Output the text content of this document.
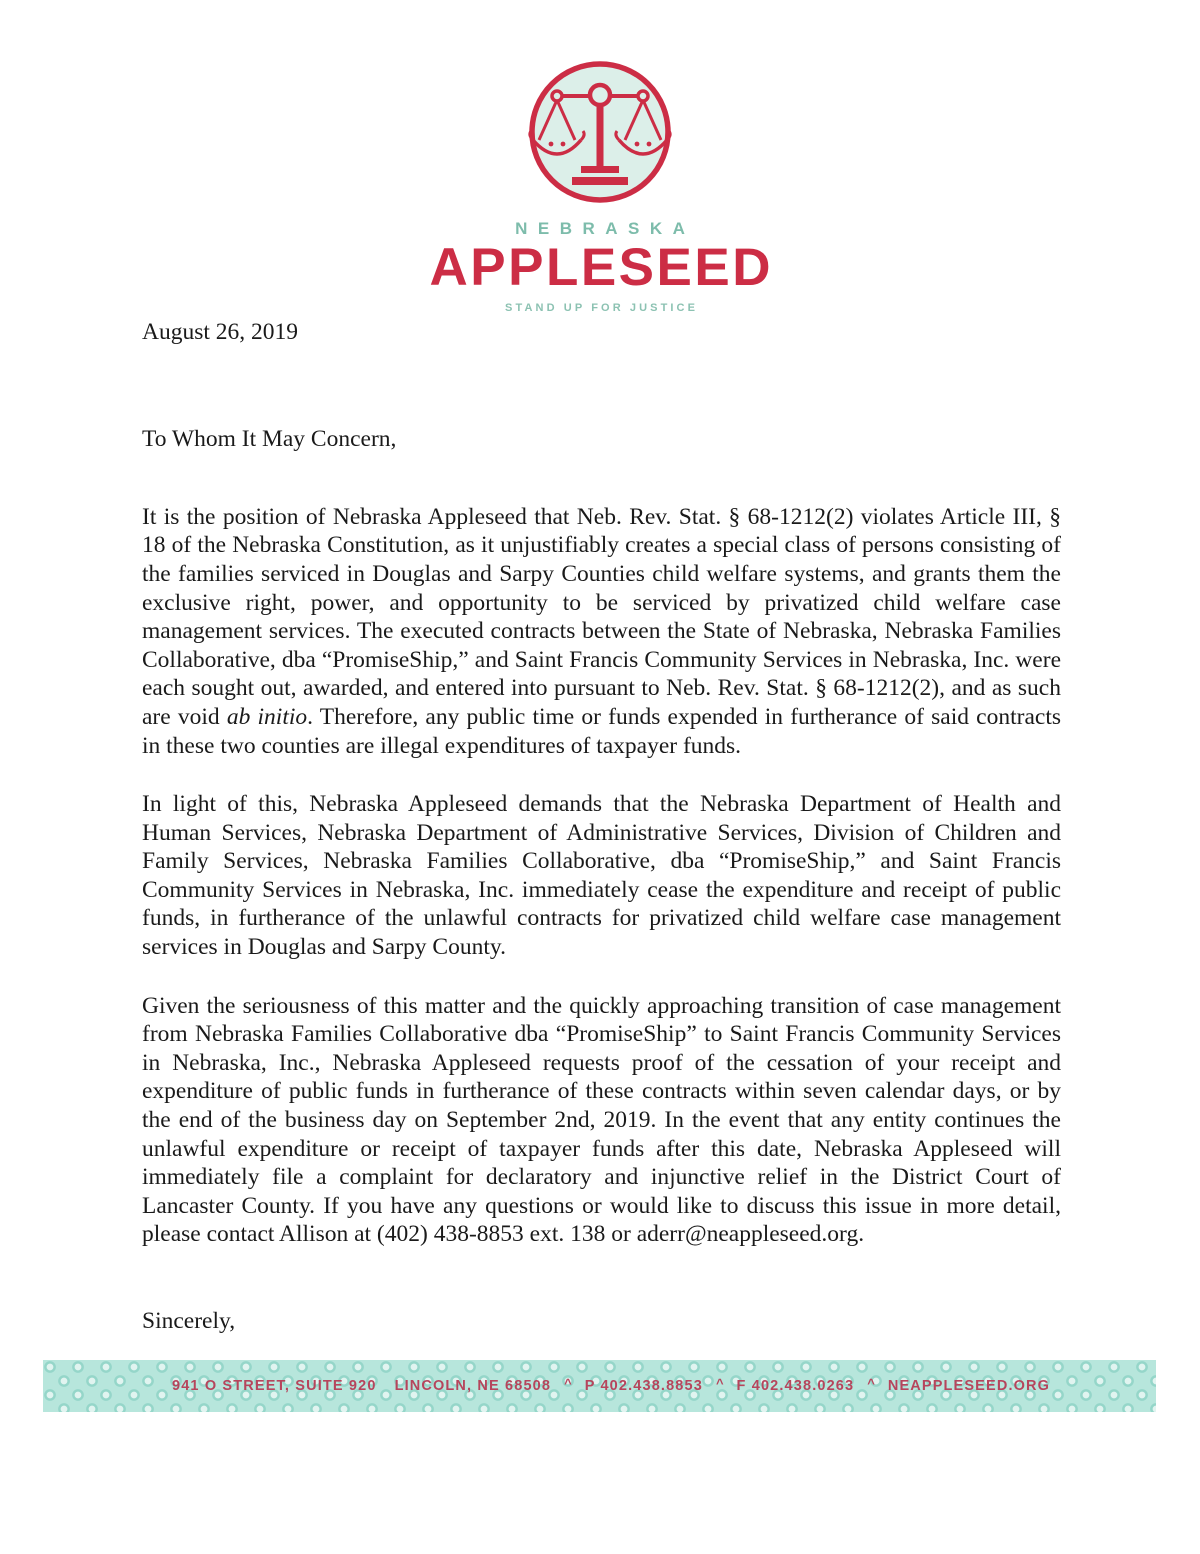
NEBRASKA
APPLESEED
STAND UP FOR JUSTICE
August 26, 2019
To Whom It May Concern,

It is the position of Nebraska Appleseed that Neb. Rev. Stat. § 68-1212(2) violates Article III, § 18 of the Nebraska Constitution, as it unjustifiably creates a special class of persons consisting of the families serviced in Douglas and Sarpy Counties child welfare systems, and grants them the exclusive right, power, and opportunity to be serviced by privatized child welfare case management services. The executed contracts between the State of Nebraska, Nebraska Families Collaborative, dba “PromiseShip,” and Saint Francis Community Services in Nebraska, Inc. were each sought out, awarded, and entered into pursuant to Neb. Rev. Stat. § 68-1212(2), and as such are void ab initio. Therefore, any public time or funds expended in furtherance of said contracts in these two counties are illegal expenditures of taxpayer funds.

In light of this, Nebraska Appleseed demands that the Nebraska Department of Health and Human Services, Nebraska Department of Administrative Services, Division of Children and Family Services, Nebraska Families Collaborative, dba “PromiseShip,” and Saint Francis Community Services in Nebraska, Inc. immediately cease the expenditure and receipt of public funds, in furtherance of the unlawful contracts for privatized child welfare case management services in Douglas and Sarpy County.

Given the seriousness of this matter and the quickly approaching transition of case management from Nebraska Families Collaborative dba “PromiseShip” to Saint Francis Community Services in Nebraska, Inc., Nebraska Appleseed requests proof of the cessation of your receipt and expenditure of public funds in furtherance of these contracts within seven calendar days, or by the end of the business day on September 2nd, 2019. In the event that any entity continues the unlawful expenditure or receipt of taxpayer funds after this date, Nebraska Appleseed will immediately file a complaint for declaratory and injunctive relief in the District Court of Lancaster County. If you have any questions or would like to discuss this issue in more detail, please contact Allison at (402) 438-8853 ext. 138 or aderr@neappleseed.org.

Sincerely,
941 O STREET, SUITE 920 LINCOLN, NE 68508 ^ P 402.438.8853 ^ F 402.438.0263 ^ NEAPPLESEED.ORG
